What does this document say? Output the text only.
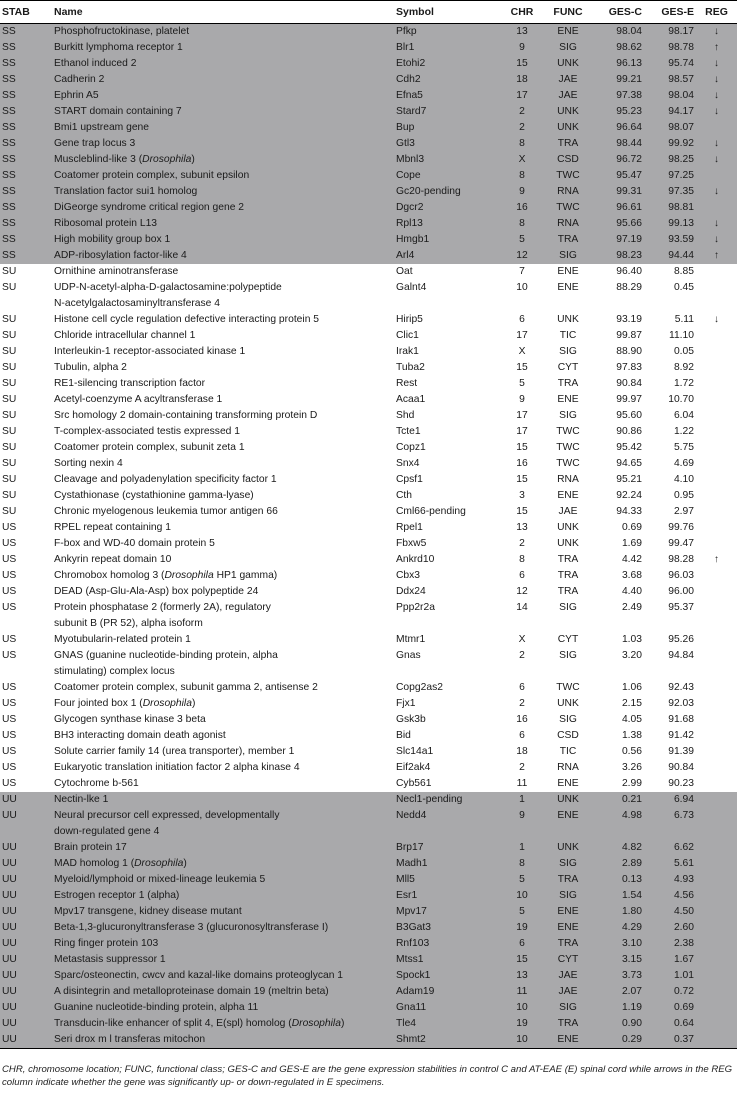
STAB	Name	Symbol	CHR	FUNC	GES-C	GES-E	REG
SS	Phosphofructokinase, platelet	Pfkp	13	ENE	98.04	98.17	↓
SS	Burkitt lymphoma receptor 1	Blr1	9	SIG	98.62	98.78	↑
SS	Ethanol induced 2	Etohi2	15	UNK	96.13	95.74	↓
SS	Cadherin 2	Cdh2	18	JAE	99.21	98.57	↓
SS	Ephrin A5	Efna5	17	JAE	97.38	98.04	↓
SS	START domain containing 7	Stard7	2	UNK	95.23	94.17	↓
SS	Bmi1 upstream gene	Bup	2	UNK	96.64	98.07	
SS	Gene trap locus 3	Gtl3	8	TRA	98.44	99.92	↓
SS	Muscleblind-like 3 (Drosophila)	Mbnl3	X	CSD	96.72	98.25	↓
SS	Coatomer protein complex, subunit epsilon	Cope	8	TWC	95.47	97.25	
SS	Translation factor sui1 homolog	Gc20-pending	9	RNA	99.31	97.35	↓
SS	DiGeorge syndrome critical region gene 2	Dgcr2	16	TWC	96.61	98.81	
SS	Ribosomal protein L13	Rpl13	8	RNA	95.66	99.13	↓
SS	High mobility group box 1	Hmgb1	5	TRA	97.19	93.59	↓
SS	ADP-ribosylation factor-like 4	Arl4	12	SIG	98.23	94.44	↑
SU	Ornithine aminotransferase	Oat	7	ENE	96.40	8.85	
SU	UDP-N-acetyl-alpha-D-galactosamine:polypeptide
N-acetylgalactosaminyltransferase 4	Galnt4	10	ENE	88.29	0.45	
SU	Histone cell cycle regulation defective interacting protein 5	Hirip5	6	UNK	93.19	5.11	↓
SU	Chloride intracellular channel 1	Clic1	17	TIC	99.87	11.10	
SU	Interleukin-1 receptor-associated kinase 1	Irak1	X	SIG	88.90	0.05	
SU	Tubulin, alpha 2	Tuba2	15	CYT	97.83	8.92	
SU	RE1-silencing transcription factor	Rest	5	TRA	90.84	1.72	
SU	Acetyl-coenzyme A acyltransferase 1	Acaa1	9	ENE	99.97	10.70	
SU	Src homology 2 domain-containing transforming protein D	Shd	17	SIG	95.60	6.04	
SU	T-complex-associated testis expressed 1	Tcte1	17	TWC	90.86	1.22	
SU	Coatomer protein complex, subunit zeta 1	Copz1	15	TWC	95.42	5.75	
SU	Sorting nexin 4	Snx4	16	TWC	94.65	4.69	
SU	Cleavage and polyadenylation specificity factor 1	Cpsf1	15	RNA	95.21	4.10	
SU	Cystathionase (cystathionine gamma-lyase)	Cth	3	ENE	92.24	0.95	
SU	Chronic myelogenous leukemia tumor antigen 66	Cml66-pending	15	JAE	94.33	2.97	
US	RPEL repeat containing 1	Rpel1	13	UNK	0.69	99.76	
US	F-box and WD-40 domain protein 5	Fbxw5	2	UNK	1.69	99.47	
US	Ankyrin repeat domain 10	Ankrd10	8	TRA	4.42	98.28	↑
US	Chromobox homolog 3 (Drosophila HP1 gamma)	Cbx3	6	TRA	3.68	96.03	
US	DEAD (Asp-Glu-Ala-Asp) box polypeptide 24	Ddx24	12	TRA	4.40	96.00	
US	Protein phosphatase 2 (formerly 2A), regulatory
subunit B (PR 52), alpha isoform	Ppp2r2a	14	SIG	2.49	95.37	
US	Myotubularin-related protein 1	Mtmr1	X	CYT	1.03	95.26	
US	GNAS (guanine nucleotide-binding protein, alpha
stimulating) complex locus	Gnas	2	SIG	3.20	94.84	
US	Coatomer protein complex, subunit gamma 2, antisense 2	Copg2as2	6	TWC	1.06	92.43	
US	Four jointed box 1 (Drosophila)	Fjx1	2	UNK	2.15	92.03	
US	Glycogen synthase kinase 3 beta	Gsk3b	16	SIG	4.05	91.68	
US	BH3 interacting domain death agonist	Bid	6	CSD	1.38	91.42	
US	Solute carrier family 14 (urea transporter), member 1	Slc14a1	18	TIC	0.56	91.39	
US	Eukaryotic translation initiation factor 2 alpha kinase 4	Eif2ak4	2	RNA	3.26	90.84	
US	Cytochrome b-561	Cyb561	11	ENE	2.99	90.23	
UU	Nectin-lke 1	Necl1-pending	1	UNK	0.21	6.94	
UU	Neural precursor cell expressed, developmentally
down-regulated gene 4	Nedd4	9	ENE	4.98	6.73	
UU	Brain protein 17	Brp17	1	UNK	4.82	6.62	
UU	MAD homolog 1 (Drosophila)	Madh1	8	SIG	2.89	5.61	
UU	Myeloid/lymphoid or mixed-lineage leukemia 5	Mll5	5	TRA	0.13	4.93	
UU	Estrogen receptor 1 (alpha)	Esr1	10	SIG	1.54	4.56	
UU	Mpv17 transgene, kidney disease mutant	Mpv17	5	ENE	1.80	4.50	
UU	Beta-1,3-glucuronyltransferase 3 (glucuronosyltransferase I)	B3Gat3	19	ENE	4.29	2.60	
UU	Ring finger protein 103	Rnf103	6	TRA	3.10	2.38	
UU	Metastasis suppressor 1	Mtss1	15	CYT	3.15	1.67	
UU	Sparc/osteonectin, cwcv and kazal-like domains proteoglycan 1	Spock1	13	JAE	3.73	1.01	
UU	A disintegrin and metalloproteinase domain 19 (meltrin beta)	Adam19	11	JAE	2.07	0.72	
UU	Guanine nucleotide-binding protein, alpha 11	Gna11	10	SIG	1.19	0.69	
UU	Transducin-like enhancer of split 4, E(spl) homolog (Drosophila)	Tle4	19	TRA	0.90	0.64	
UU	Seri drox m l transferas mitochon	Shmt2	10	ENE	0.29	0.37	
CHR, chromosome location; FUNC, functional class; GES-C and GES-E are the gene expression stabilities in control C and AT-EAE (E) spinal cord while arrows in the REG column indicate whether the gene was significantly up- or down-regulated in E specimens.
